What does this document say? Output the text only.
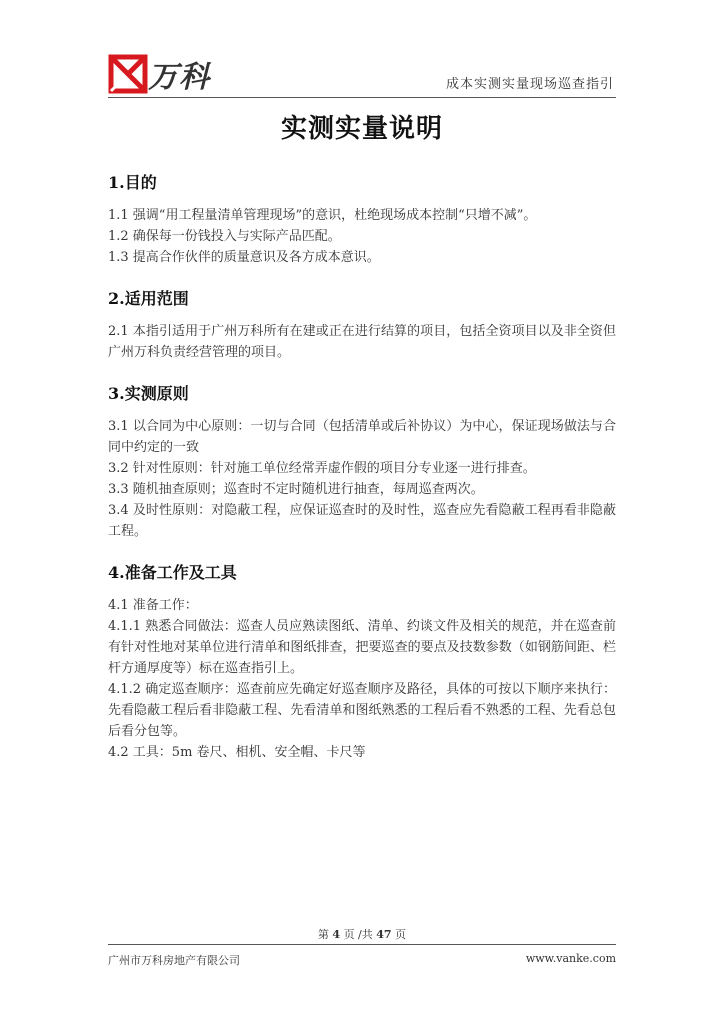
万科	成本实测实量现场巡查指引
实测实量说明

1.目的

1.1 强调“用工程量清单管理现场”的意识，杜绝现场成本控制“只增不减”。

1.2 确保每一份钱投入与实际产品匹配。

1.3 提高合作伙伴的质量意识及各方成本意识。

2.适用范围

2.1 本指引适用于广州万科所有在建或正在进行结算的项目，包括全资项目以及非全资但广州万科负责经营管理的项目。

3.实测原则

3.1 以合同为中心原则：一切与合同（包括清单或后补协议）为中心，保证现场做法与合同中约定的一致

3.2 针对性原则：针对施工单位经常弄虚作假的项目分专业逐一进行排查。

3.3 随机抽查原则；巡查时不定时随机进行抽查，每周巡查两次。

3.4 及时性原则：对隐蔽工程，应保证巡查时的及时性，巡查应先看隐蔽工程再看非隐蔽工程。

4.准备工作及工具

4.1 准备工作：

4.1.1 熟悉合同做法：巡查人员应熟读图纸、清单、约谈文件及相关的规范，并在巡查前有针对性地对某单位进行清单和图纸排查，把要巡查的要点及技数参数（如钢筋间距、栏杆方通厚度等）标在巡查指引上。

4.1.2 确定巡查顺序：巡查前应先确定好巡查顺序及路径，具体的可按以下顺序来执行：先看隐蔽工程后看非隐蔽工程、先看清单和图纸熟悉的工程后看不熟悉的工程、先看总包后看分包等。

4.2 工具：5m 卷尺、相机、安全帽、卡尺等

第 4 页 /共 47 页
广州市万科房地产有限公司	www.vanke.com
